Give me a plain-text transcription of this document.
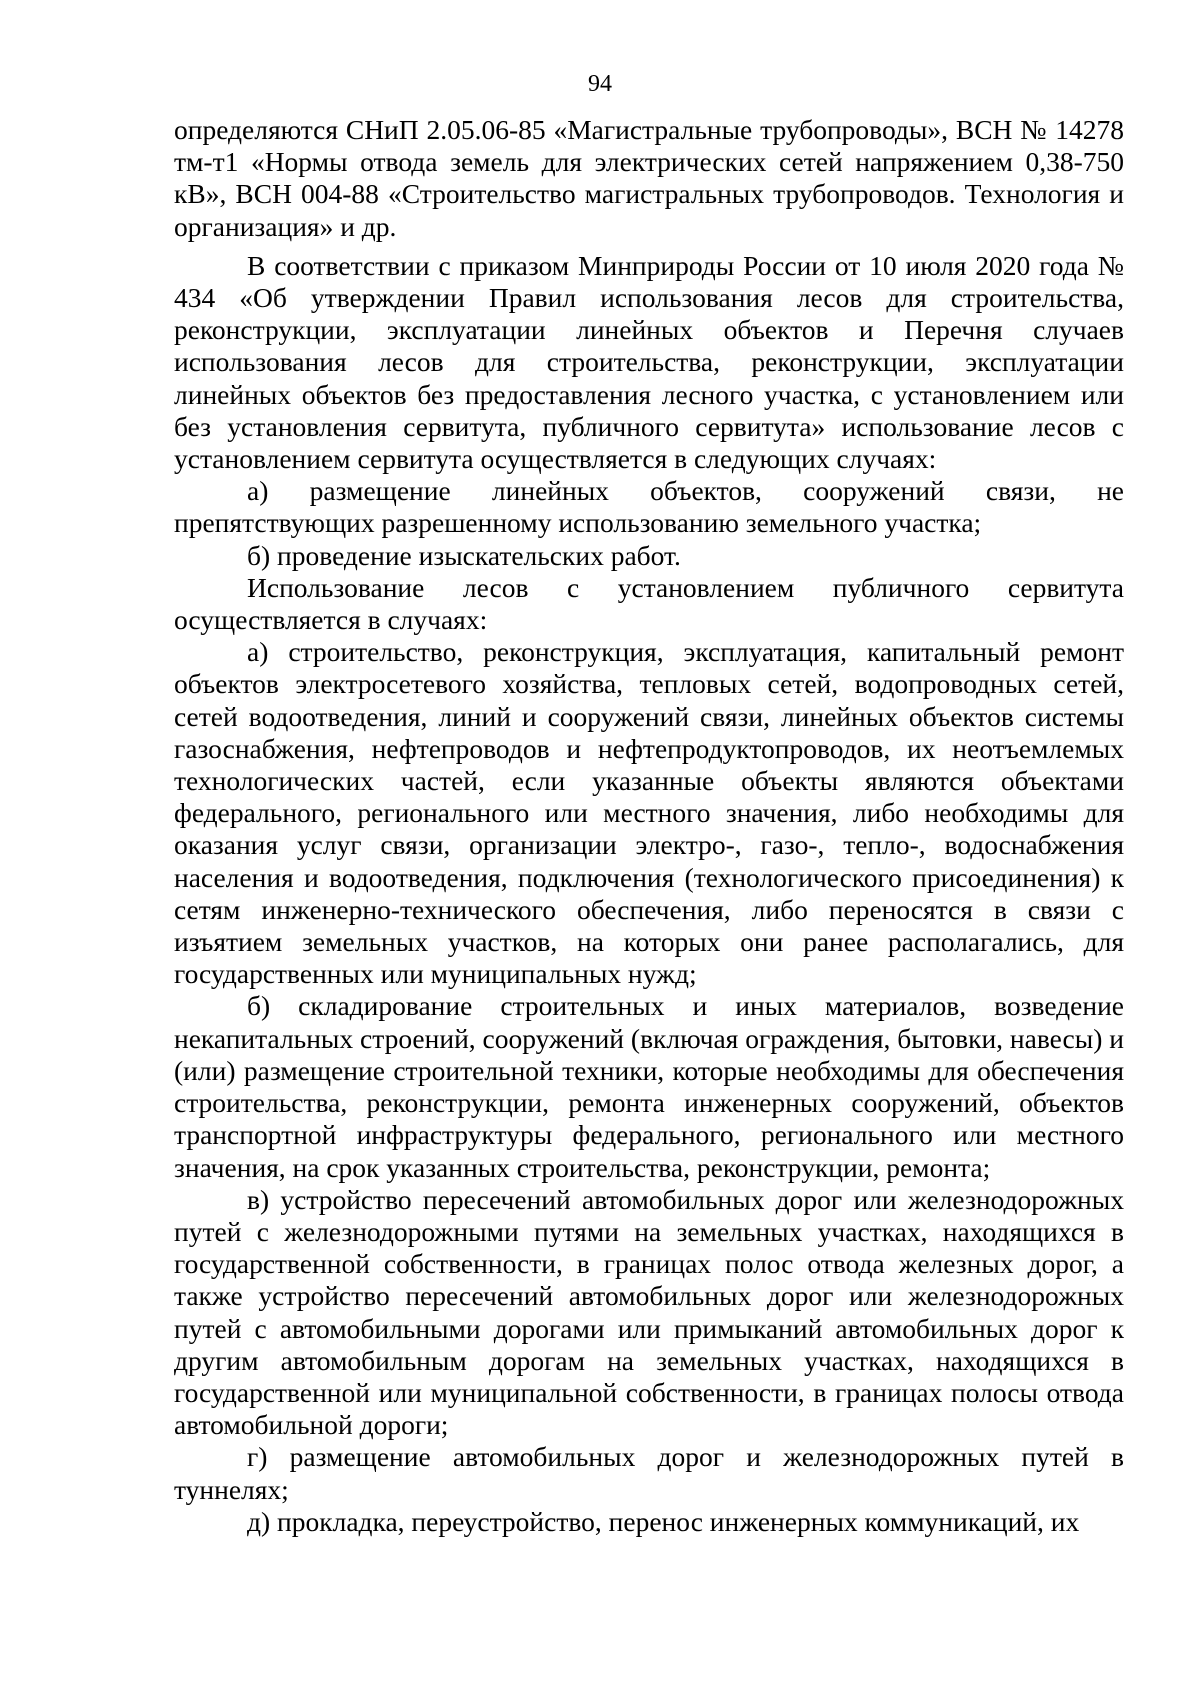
94

определяются СНиП 2.05.06-85 «Магистральные трубопроводы», ВСН № 14278 тм-т1 «Нормы отвода земель для электрических сетей напряжением 0,38-750 кВ», ВСН 004-88 «Строительство магистральных трубопроводов. Технология и организация» и др.

В соответствии с приказом Минприроды России от 10 июля 2020 года № 434 «Об утверждении Правил использования лесов для строительства, реконструкции, эксплуатации линейных объектов и Перечня случаев использования лесов для строительства, реконструкции, эксплуатации линейных объектов без предоставления лесного участка, с установлением или без установления сервитута, публичного сервитута» использование лесов с установлением сервитута осуществляется в следующих случаях:

а) размещение линейных объектов, сооружений связи, не препятствующих разрешенному использованию земельного участка;

б) проведение изыскательских работ.

Использование лесов с установлением публичного сервитута осуществляется в случаях:

а) строительство, реконструкция, эксплуатация, капитальный ремонт объектов электросетевого хозяйства, тепловых сетей, водопроводных сетей, сетей водоотведения, линий и сооружений связи, линейных объектов системы газоснабжения, нефтепроводов и нефтепродуктопроводов, их неотъемлемых технологических частей, если указанные объекты являются объектами федерального, регионального или местного значения, либо необходимы для оказания услуг связи, организации электро-, газо-, тепло-, водоснабжения населения и водоотведения, подключения (технологического присоединения) к сетям инженерно-технического обеспечения, либо переносятся в связи с изъятием земельных участков, на которых они ранее располагались, для государственных или муниципальных нужд;

б) складирование строительных и иных материалов, возведение некапитальных строений, сооружений (включая ограждения, бытовки, навесы) и (или) размещение строительной техники, которые необходимы для обеспечения строительства, реконструкции, ремонта инженерных сооружений, объектов транспортной инфраструктуры федерального, регионального или местного значения, на срок указанных строительства, реконструкции, ремонта;

в) устройство пересечений автомобильных дорог или железнодорожных путей с железнодорожными путями на земельных участках, находящихся в государственной собственности, в границах полос отвода железных дорог, а также устройство пересечений автомобильных дорог или железнодорожных путей с автомобильными дорогами или примыканий автомобильных дорог к другим автомобильным дорогам на земельных участках, находящихся в государственной или муниципальной собственности, в границах полосы отвода автомобильной дороги;

г) размещение автомобильных дорог и железнодорожных путей в туннелях;

д) прокладка, переустройство, перенос инженерных коммуникаций, их
